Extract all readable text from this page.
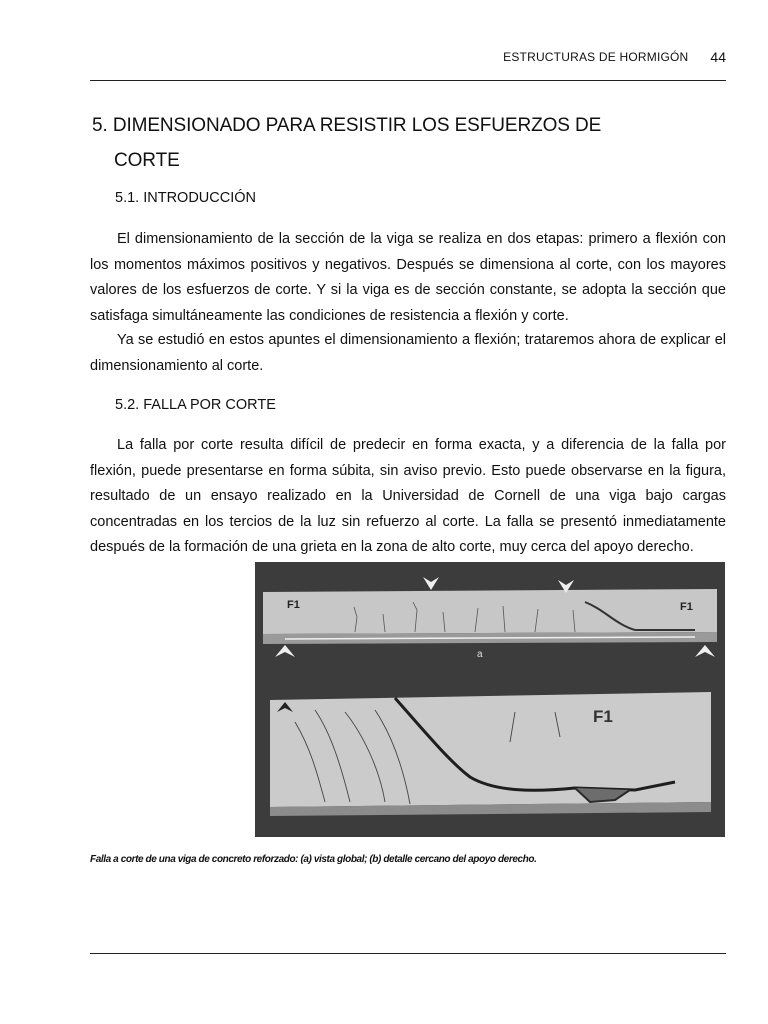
ESTRUCTURAS DE HORMIGÓN 44
5. DIMENSIONADO PARA RESISTIR LOS ESFUERZOS DE
CORTE
5.1. INTRODUCCIÓN

El dimensionamiento de la sección de la viga se realiza en dos etapas: primero a flexión con los momentos máximos positivos y negativos. Después se dimensiona al corte, con los mayores valores de los esfuerzos de corte. Y si la viga es de sección constante, se adopta la sección que satisfaga simultáneamente las condiciones de resistencia a flexión y corte.

Ya se estudió en estos apuntes el dimensionamiento a flexión; trataremos ahora de explicar el dimensionamiento al corte.

5.2. FALLA POR CORTE

La falla por corte resulta difícil de predecir en forma exacta, y a diferencia de la falla por flexión, puede presentarse en forma súbita, sin aviso previo. Esto puede observarse en la figura, resultado de un ensayo realizado en la Universidad de Cornell de una viga bajo cargas concentradas en los tercios de la luz sin refuerzo al corte. La falla se presentó inmediatamente después de la formación de una grieta en la zona de alto corte, muy cerca del apoyo derecho.

F1	F1
a
F1
Falla a corte de una viga de concreto reforzado: (a) vista global; (b) detalle cercano del apoyo derecho.
